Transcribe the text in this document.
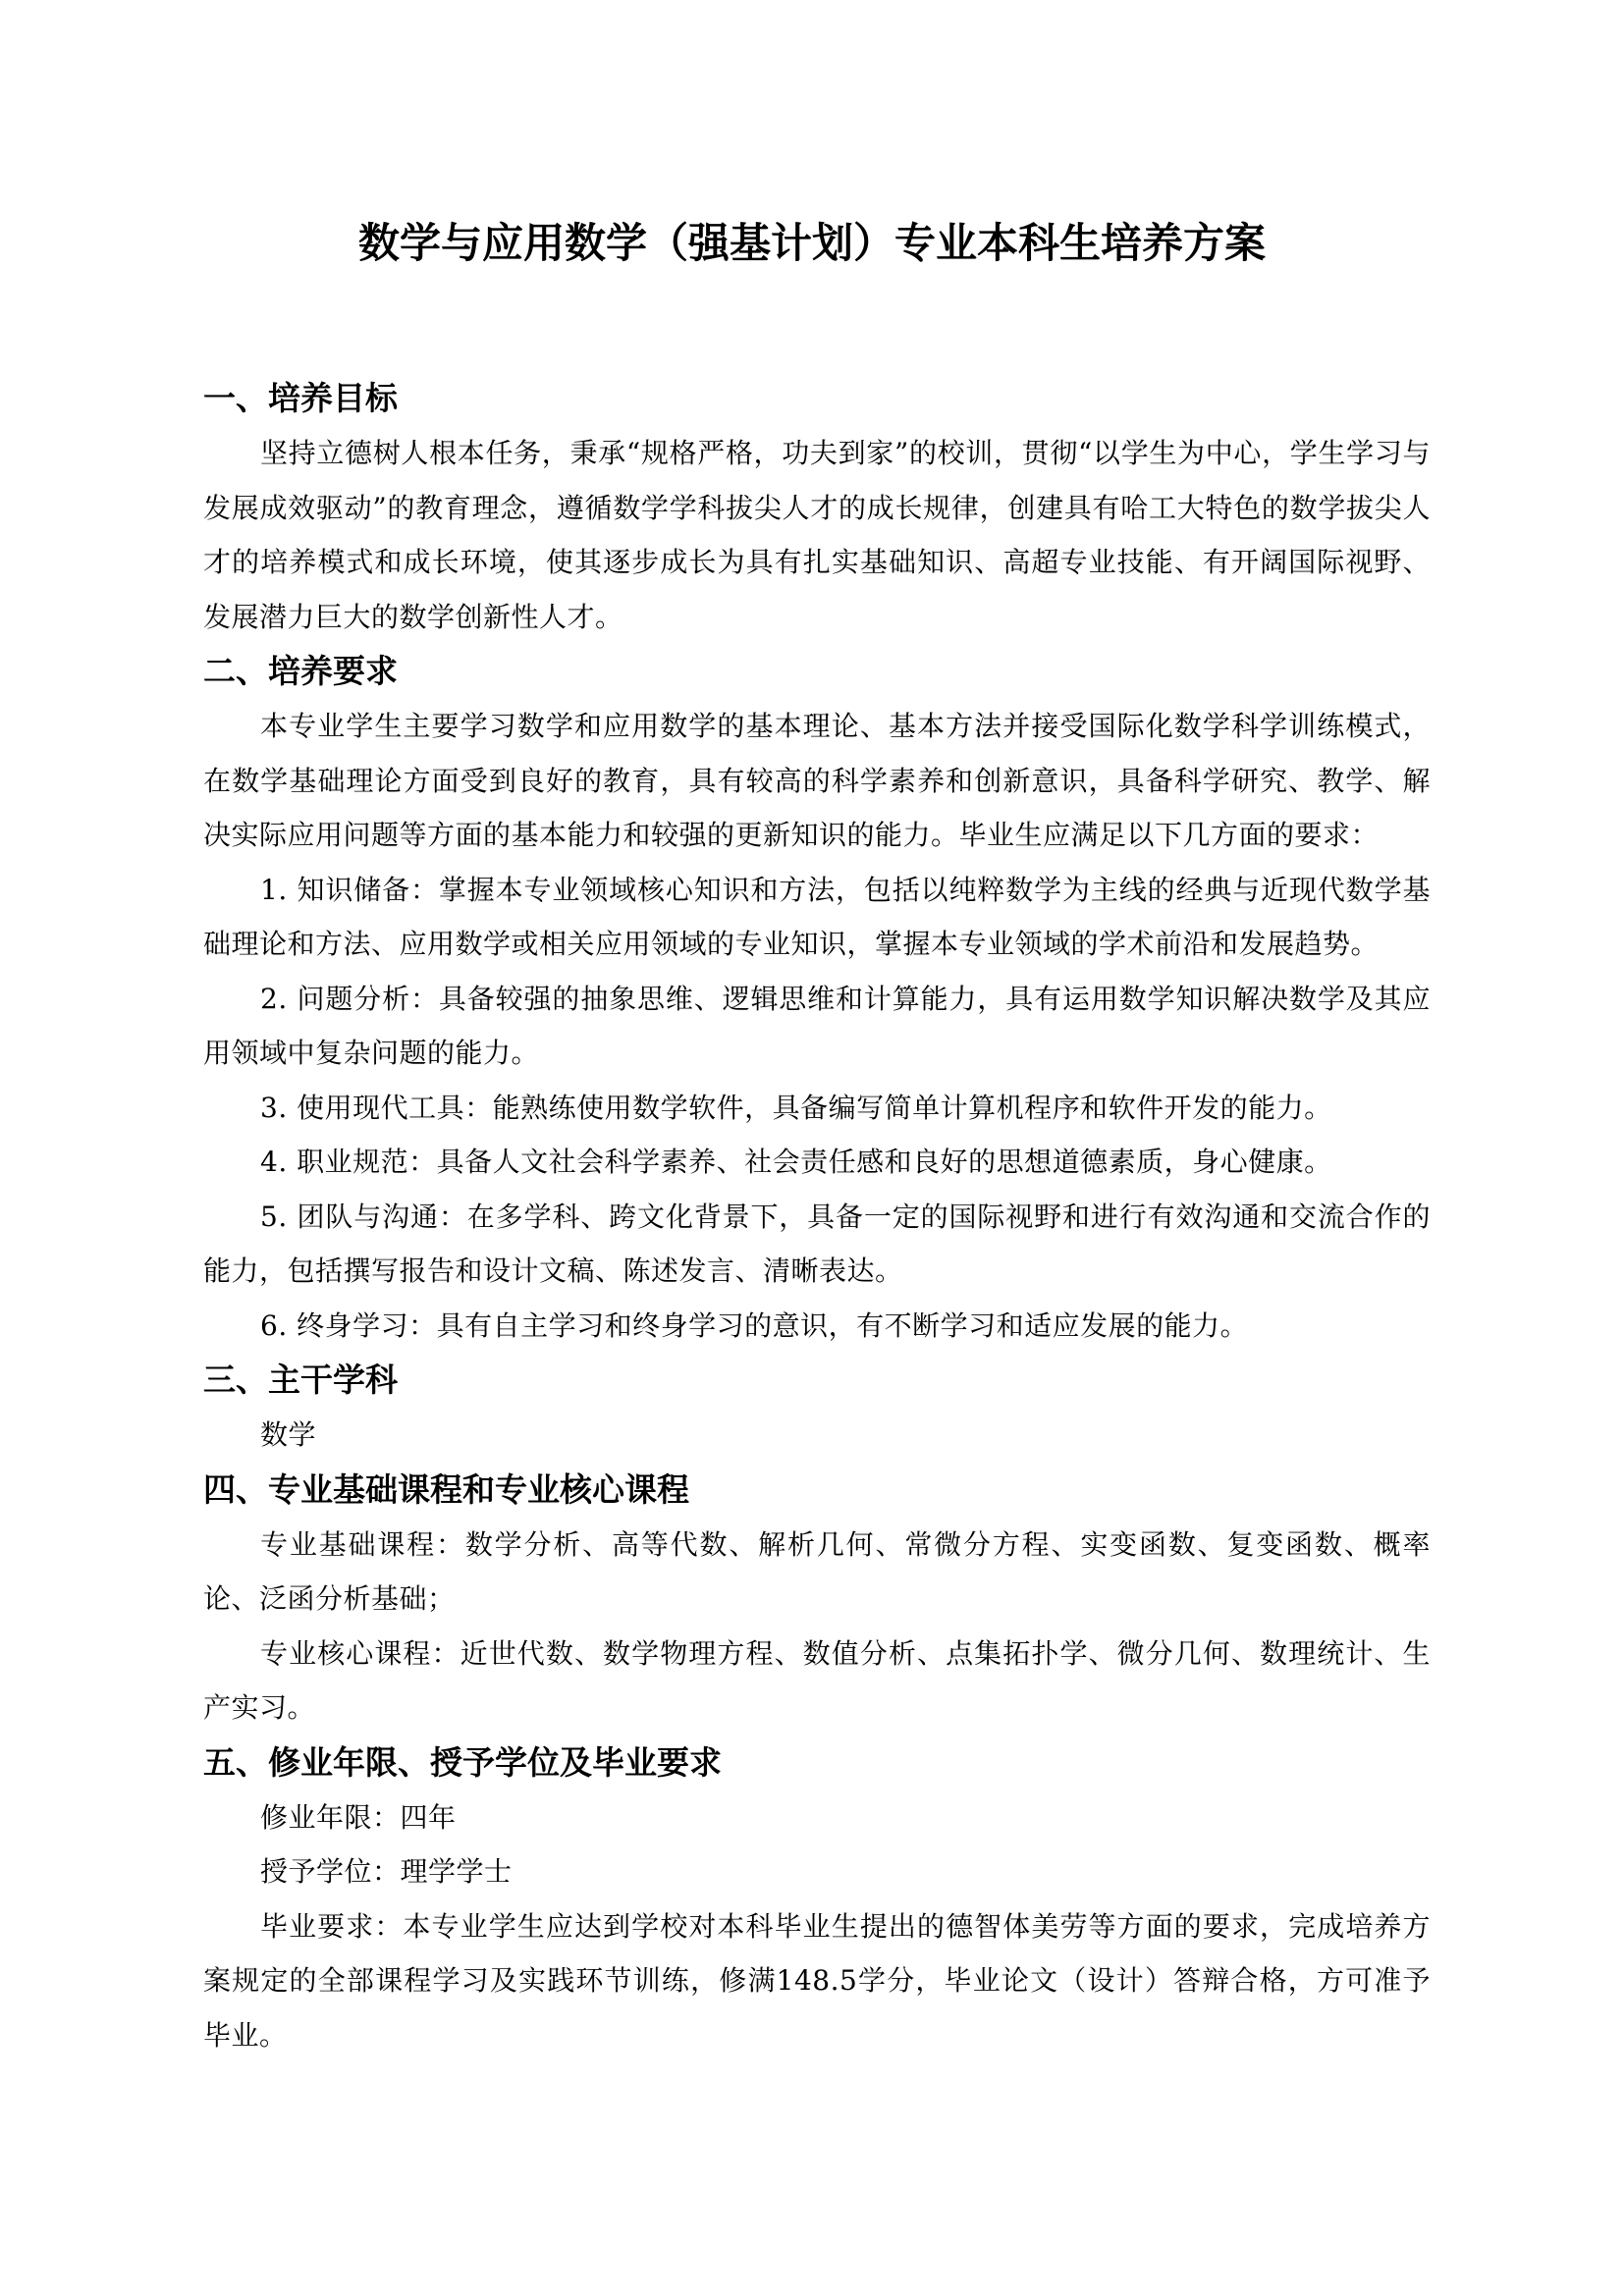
数学与应用数学（强基计划）专业本科生培养方案
一、培养目标

坚持立德树人根本任务，秉承“规格严格，功夫到家”的校训，贯彻“以学生为中心，学生学习与发展成效驱动”的教育理念，遵循数学学科拔尖人才的成长规律，创建具有哈工大特色的数学拔尖人才的培养模式和成长环境，使其逐步成长为具有扎实基础知识、高超专业技能、有开阔国际视野、发展潜力巨大的数学创新性人才。

二、培养要求

本专业学生主要学习数学和应用数学的基本理论、基本方法并接受国际化数学科学训练模式，在数学基础理论方面受到良好的教育，具有较高的科学素养和创新意识，具备科学研究、教学、解决实际应用问题等方面的基本能力和较强的更新知识的能力。毕业生应满足以下几方面的要求：

1. 知识储备：掌握本专业领域核心知识和方法，包括以纯粹数学为主线的经典与近现代数学基础理论和方法、应用数学或相关应用领域的专业知识，掌握本专业领域的学术前沿和发展趋势。

2. 问题分析：具备较强的抽象思维、逻辑思维和计算能力，具有运用数学知识解决数学及其应用领域中复杂问题的能力。

3. 使用现代工具：能熟练使用数学软件，具备编写简单计算机程序和软件开发的能力。

4. 职业规范：具备人文社会科学素养、社会责任感和良好的思想道德素质，身心健康。

5. 团队与沟通：在多学科、跨文化背景下，具备一定的国际视野和进行有效沟通和交流合作的能力，包括撰写报告和设计文稿、陈述发言、清晰表达。

6. 终身学习：具有自主学习和终身学习的意识，有不断学习和适应发展的能力。

三、主干学科

数学

四、专业基础课程和专业核心课程

专业基础课程：数学分析、高等代数、解析几何、常微分方程、实变函数、复变函数、概率论、泛函分析基础；

专业核心课程：近世代数、数学物理方程、数值分析、点集拓扑学、微分几何、数理统计、生产实习。

五、修业年限、授予学位及毕业要求

修业年限：四年

授予学位：理学学士

毕业要求：本专业学生应达到学校对本科毕业生提出的德智体美劳等方面的要求，完成培养方案规定的全部课程学习及实践环节训练，修满148.5学分，毕业论文（设计）答辩合格，方可准予毕业。
